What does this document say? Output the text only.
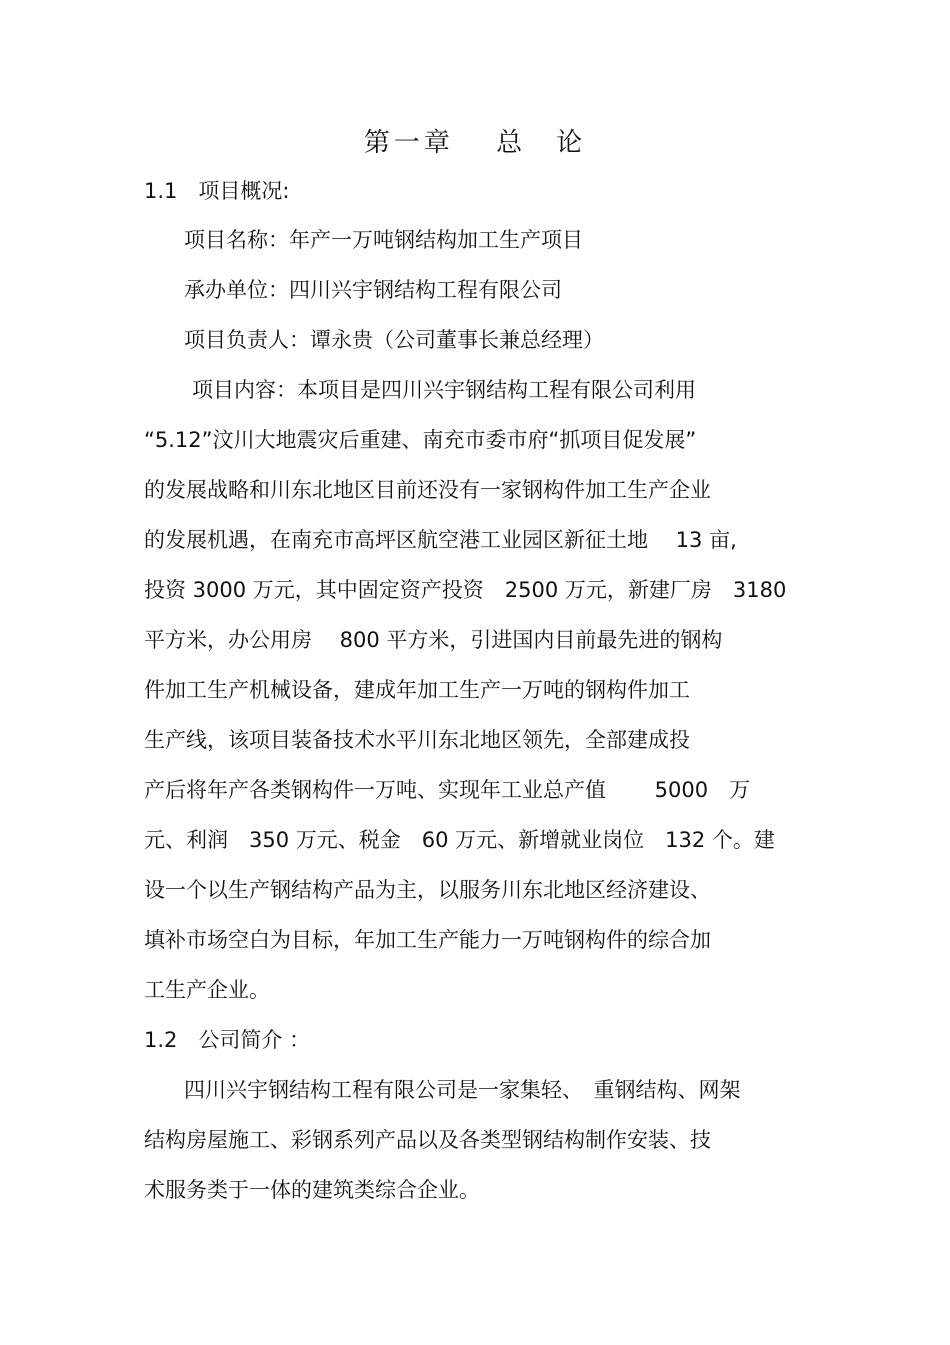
第一章　 总　论
1.1　项目概况:
项目名称：年产一万吨钢结构加工生产项目
承办单位：四川兴宇钢结构工程有限公司
项目负责人：谭永贵（公司董事长兼总经理）
项目内容：本项目是四川兴宇钢结构工程有限公司利用
“5.12”汶川大地震灾后重建、南充市委市府“抓项目促发展”
的发展战略和川东北地区目前还没有一家钢构件加工生产企业
的发展机遇，在南充市高坪区航空港工业园区新征土地　 13 亩,
投资 3000 万元，其中固定资产投资　2500 万元，新建厂房　3180
平方米，办公用房　 800 平方米，引进国内目前最先进的钢构
件加工生产机械设备，建成年加工生产一万吨的钢构件加工
生产线，该项目装备技术水平川东北地区领先，全部建成投
产后将年产各类钢构件一万吨、实现年工业总产值　　 5000　万
元、利润　350 万元、税金　60 万元、新增就业岗位　132 个。建
设一个以生产钢结构产品为主，以服务川东北地区经济建设、
填补市场空白为目标，年加工生产能力一万吨钢构件的综合加
工生产企业。
1.2　公司简介 ：
四川兴宇钢结构工程有限公司是一家集轻、　重钢结构、网架
结构房屋施工、彩钢系列产品以及各类型钢结构制作安装、技
术服务类于一体的建筑类综合企业。
